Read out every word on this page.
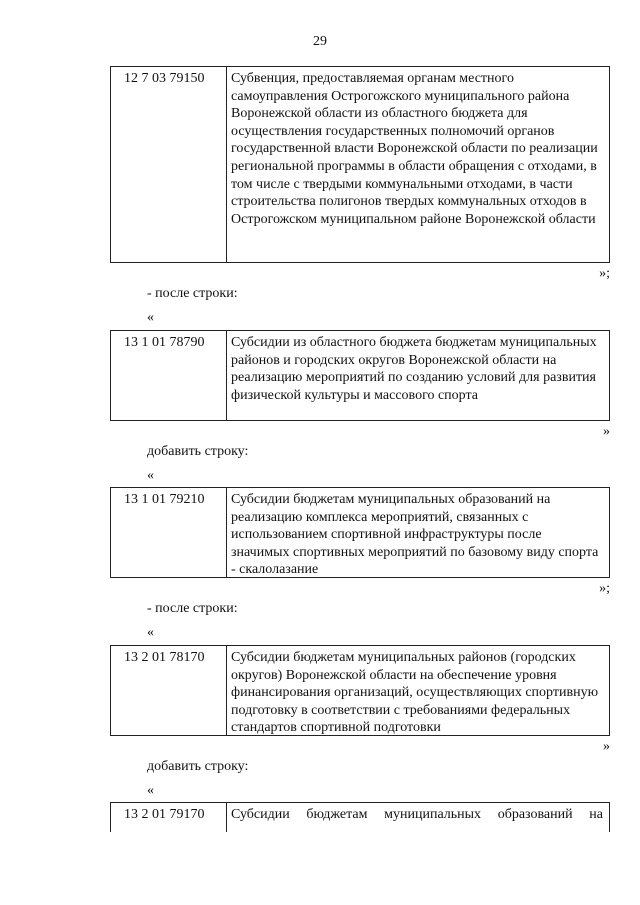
29
12 7 03 79150	Субвенция, предоставляемая органам местного самоуправления Острогожского муниципального района Воронежской области из областного бюджета для осуществления государственных полномочий органов государственной власти Воронежской области по реализации региональной программы в области обращения с отходами, в том числе с твердыми коммунальными отходами, в части строительства полигонов твердых коммунальных отходов в Острогожском муниципальном районе Воронежской области
»;
- после строки:
«
13 1 01 78790	Субсидии из областного бюджета бюджетам муниципальных районов и городских округов Воронежской области на реализацию мероприятий по созданию условий для развития физической культуры и массового спорта
»
добавить строку:
«
13 1 01 79210	Субсидии бюджетам муниципальных образований на реализацию комплекса мероприятий, связанных с использованием спортивной инфраструктуры после значимых спортивных мероприятий по базовому виду спорта - скалолазание
»;
- после строки:
«
13 2 01 78170	Субсидии бюджетам муниципальных районов (городских округов) Воронежской области на обеспечение уровня финансирования организаций, осуществляющих спортивную подготовку в соответствии с требованиями федеральных стандартов спортивной подготовки
»
добавить строку:
«
13 2 01 79170	Субсидии бюджетам муниципальных образований на
